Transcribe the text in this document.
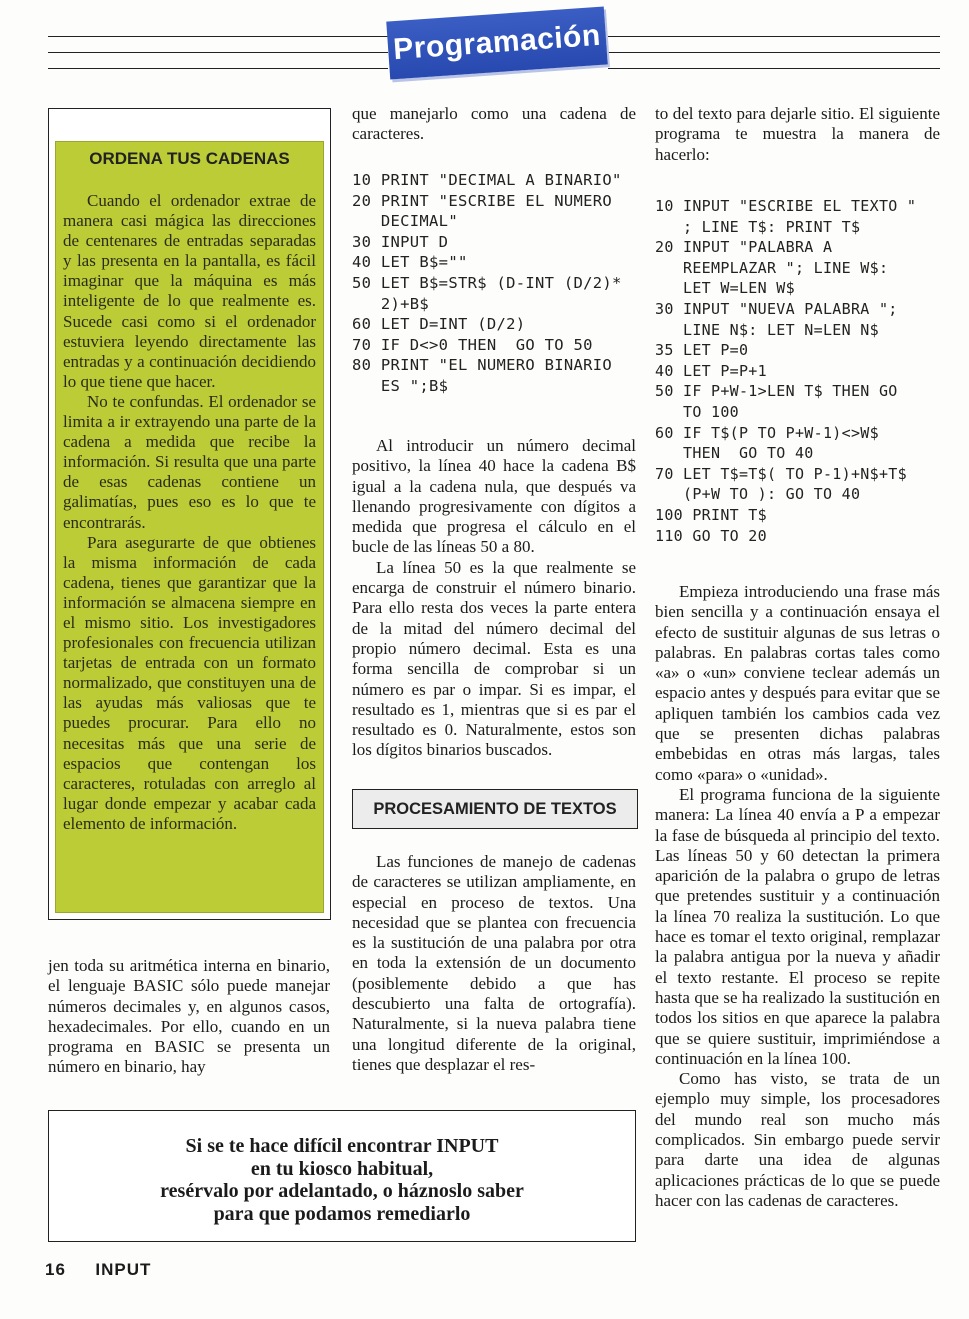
Programación
ORDENA TUS CADENAS

Cuando el ordenador extrae de manera casi mágica las direcciones de centenares de entradas separadas y las presenta en la pantalla, es fácil imaginar que la máquina es más inteligente de lo que realmente es. Sucede casi como si el ordenador estuviera leyendo directamente las entradas y a continuación decidiendo lo que tiene que hacer.

No te confundas. El ordenador se limita a ir extrayendo una parte de la cadena a medida que recibe la información. Si resulta que una parte de esas cadenas contiene un galimatías, pues eso es lo que te encontrarás.

Para asegurarte de que obtienes la misma información de cada cadena, tienes que garantizar que la información se almacena siempre en el mismo sitio. Los investigadores profesionales con frecuencia utilizan tarjetas de entrada con un formato normalizado, que constituyen una de las ayudas más valiosas que te puedes procurar. Para ello no necesitas más que una serie de espacios que contengan los caracteres, rotuladas con arreglo al lugar donde empezar y acabar cada elemento de información.

jen toda su aritmética interna en binario, el lenguaje BASIC sólo puede manejar números decimales y, en algunos casos, hexadecimales. Por ello, cuando en un programa en BASIC se presenta un número en binario, hay

que manejarlo como una cadena de caracteres.

10 PRINT "DECIMAL A BINARIO"
20 PRINT "ESCRIBE EL NUMERO
DECIMAL"
30 INPUT D
40 LET B$=""
50 LET B$=STR$ (D-INT (D/2)*
2)+B$
60 LET D=INT (D/2)
70 IF D<>0 THEN  GO TO 50
80 PRINT "EL NUMERO BINARIO
ES ";B$

Al introducir un número decimal positivo, la línea 40 hace la cadena B$ igual a la cadena nula, que después va llenando progresivamente con dígitos a medida que progresa el cálculo en el bucle de las líneas 50 a 80.

La línea 50 es la que realmente se encarga de construir el número binario. Para ello resta dos veces la parte entera de la mitad del número decimal del propio número decimal. Esta es una forma sencilla de comprobar si un número es par o impar. Si es impar, el resultado es 1, mientras que si es par el resultado es 0. Naturalmente, estos son los dígitos binarios buscados.

PROCESAMIENTO DE TEXTOS

Las funciones de manejo de cadenas de caracteres se utilizan ampliamente, en especial en proceso de textos. Una necesidad que se plantea con frecuencia es la sustitución de una palabra por otra en toda la extensión de un documento (posiblemente debido a que has descubierto una falta de ortografía). Naturalmente, si la nueva palabra tiene una longitud diferente de la original, tienes que desplazar el res-

to del texto para dejarle sitio. El siguiente programa te muestra la manera de hacerlo:

10 INPUT "ESCRIBE EL TEXTO "
; LINE T$: PRINT T$
20 INPUT "PALABRA A
REEMPLAZAR "; LINE W$:
LET W=LEN W$
30 INPUT "NUEVA PALABRA ";
LINE N$: LET N=LEN N$
35 LET P=0
40 LET P=P+1
50 IF P+W-1>LEN T$ THEN GO
TO 100
60 IF T$(P TO P+W-1)<>W$
THEN  GO TO 40
70 LET T$=T$( TO P-1)+N$+T$
(P+W TO ): GO TO 40
100 PRINT T$
110 GO TO 20

Empieza introduciendo una frase más bien sencilla y a continuación ensaya el efecto de sustituir algunas de sus letras o palabras. En palabras cortas tales como «a» o «un» conviene teclear además un espacio antes y después para evitar que se apliquen también los cambios cada vez que se presenten dichas palabras embebidas en otras más largas, tales como «para» o «unidad».

El programa funciona de la siguiente manera: La línea 40 envía a P a empezar la fase de búsqueda al principio del texto. Las líneas 50 y 60 detectan la primera aparición de la palabra o grupo de letras que pretendes sustituir y a continuación la línea 70 realiza la sustitución. Lo que hace es tomar el texto original, remplazar la palabra antigua por la nueva y añadir el texto restante. El proceso se repite hasta que se ha realizado la sustitución en todos los sitios en que aparece la palabra que se quiere sustituir, imprimiéndose a continuación en la línea 100.

Como has visto, se trata de un ejemplo muy simple, los procesadores del mundo real son mucho más complicados. Sin embargo puede servir para darte una idea de algunas aplicaciones prácticas de lo que se puede hacer con las cadenas de caracteres.

Si se te hace difícil encontrar INPUT
en tu kiosco habitual,
resérvalo por adelantado, o háznoslo saber
para que podamos remediarlo
16 INPUT
